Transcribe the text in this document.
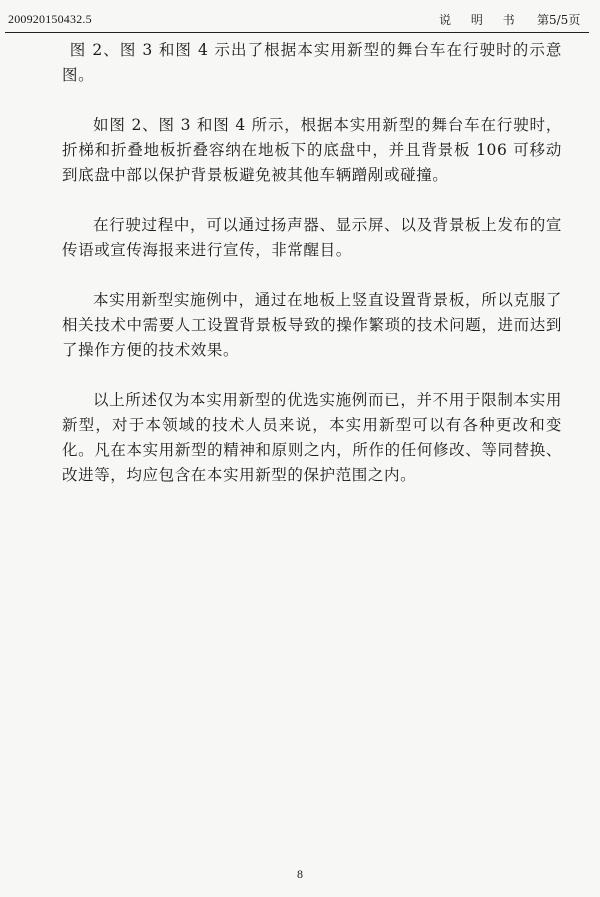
200920150432.5	说 明 书 第5/5页

图 2、图 3 和图 4 示出了根据本实用新型的舞台车在行驶时的示意图。

如图 2、图 3 和图 4 所示，根据本实用新型的舞台车在行驶时，折梯和折叠地板折叠容纳在地板下的底盘中，并且背景板 106 可移动到底盘中部以保护背景板避免被其他车辆蹭剐或碰撞。

在行驶过程中，可以通过扬声器、显示屏、以及背景板上发布的宣传语或宣传海报来进行宣传，非常醒目。

本实用新型实施例中，通过在地板上竖直设置背景板，所以克服了相关技术中需要人工设置背景板导致的操作繁琐的技术问题，进而达到了操作方便的技术效果。

以上所述仅为本实用新型的优选实施例而已，并不用于限制本实用新型，对于本领域的技术人员来说，本实用新型可以有各种更改和变化。凡在本实用新型的精神和原则之内，所作的任何修改、等同替换、改进等，均应包含在本实用新型的保护范围之内。

8
